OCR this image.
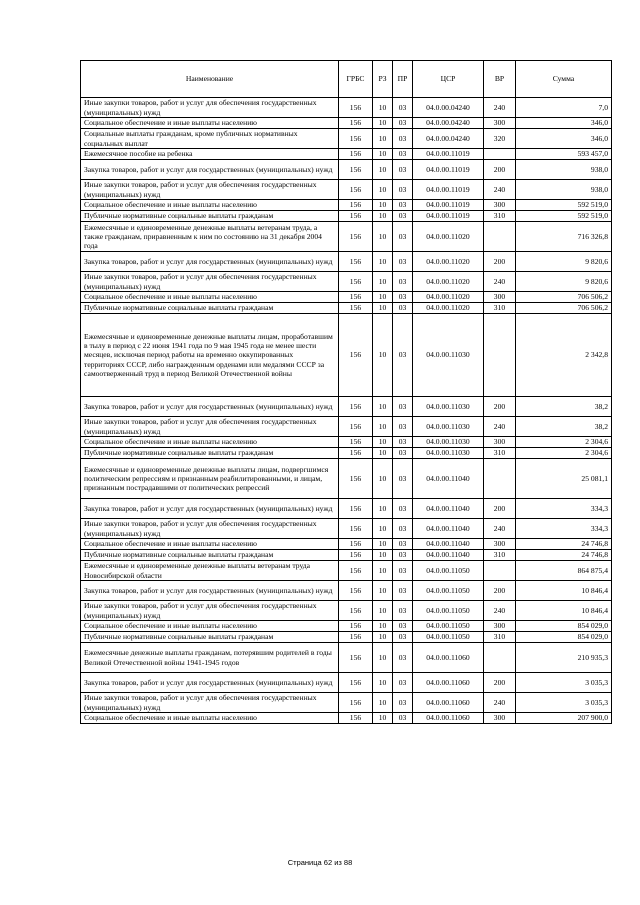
Наименование	ГРБС	РЗ	ПР	ЦСР	ВР	Сумма
Иные закупки товаров, работ и услуг для обеспечения государственных (муниципальных) нужд	156	10	03	04.0.00.04240	240	7,0
Социальное обеспечение и иные выплаты населению	156	10	03	04.0.00.04240	300	346,0
Социальные выплаты гражданам, кроме публичных нормативных социальных выплат	156	10	03	04.0.00.04240	320	346,0
Ежемесячное пособие на ребенка	156	10	03	04.0.00.11019		593 457,0
Закупка товаров, работ и услуг для государственных (муниципальных) нужд	156	10	03	04.0.00.11019	200	938,0
Иные закупки товаров, работ и услуг для обеспечения государственных (муниципальных) нужд	156	10	03	04.0.00.11019	240	938,0
Социальное обеспечение и иные выплаты населению	156	10	03	04.0.00.11019	300	592 519,0
Публичные нормативные социальные выплаты гражданам	156	10	03	04.0.00.11019	310	592 519,0
Ежемесячные и единовременные денежные выплаты ветеранам труда, а также гражданам, приравненным к ним по состоянию на 31 декабря 2004 года	156	10	03	04.0.00.11020		716 326,8
Закупка товаров, работ и услуг для государственных (муниципальных) нужд	156	10	03	04.0.00.11020	200	9 820,6
Иные закупки товаров, работ и услуг для обеспечения государственных (муниципальных) нужд	156	10	03	04.0.00.11020	240	9 820,6
Социальное обеспечение и иные выплаты населению	156	10	03	04.0.00.11020	300	706 506,2
Публичные нормативные социальные выплаты гражданам	156	10	03	04.0.00.11020	310	706 506,2
Ежемесячные и единовременные денежные выплаты лицам, проработавшим в тылу в период с 22 июня 1941 года по 9 мая 1945 года не менее шести месяцев, исключая период работы на временно оккупированных территориях СССР, либо награжденным орденами или медалями СССР за самоотверженный труд в период Великой Отечественной войны	156	10	03	04.0.00.11030		2 342,8
Закупка товаров, работ и услуг для государственных (муниципальных) нужд	156	10	03	04.0.00.11030	200	38,2
Иные закупки товаров, работ и услуг для обеспечения государственных (муниципальных) нужд	156	10	03	04.0.00.11030	240	38,2
Социальное обеспечение и иные выплаты населению	156	10	03	04.0.00.11030	300	2 304,6
Публичные нормативные социальные выплаты гражданам	156	10	03	04.0.00.11030	310	2 304,6
Ежемесячные и единовременные денежные выплаты лицам, подвергшимся политическим репрессиям и признанным реабилитированными, и лицам, признанным пострадавшими от политических репрессий	156	10	03	04.0.00.11040		25 081,1
Закупка товаров, работ и услуг для государственных (муниципальных) нужд	156	10	03	04.0.00.11040	200	334,3
Иные закупки товаров, работ и услуг для обеспечения государственных (муниципальных) нужд	156	10	03	04.0.00.11040	240	334,3
Социальное обеспечение и иные выплаты населению	156	10	03	04.0.00.11040	300	24 746,8
Публичные нормативные социальные выплаты гражданам	156	10	03	04.0.00.11040	310	24 746,8
Ежемесячные и единовременные денежные выплаты ветеранам труда Новосибирской области	156	10	03	04.0.00.11050		864 875,4
Закупка товаров, работ и услуг для государственных (муниципальных) нужд	156	10	03	04.0.00.11050	200	10 846,4
Иные закупки товаров, работ и услуг для обеспечения государственных (муниципальных) нужд	156	10	03	04.0.00.11050	240	10 846,4
Социальное обеспечение и иные выплаты населению	156	10	03	04.0.00.11050	300	854 029,0
Публичные нормативные социальные выплаты гражданам	156	10	03	04.0.00.11050	310	854 029,0
Ежемесячные денежные выплаты гражданам, потерявшим родителей в годы Великой Отечественной войны 1941-1945 годов	156	10	03	04.0.00.11060		210 935,3
Закупка товаров, работ и услуг для государственных (муниципальных) нужд	156	10	03	04.0.00.11060	200	3 035,3
Иные закупки товаров, работ и услуг для обеспечения государственных (муниципальных) нужд	156	10	03	04.0.00.11060	240	3 035,3
Социальное обеспечение и иные выплаты населению	156	10	03	04.0.00.11060	300	207 900,0
Страница 62 из 88
